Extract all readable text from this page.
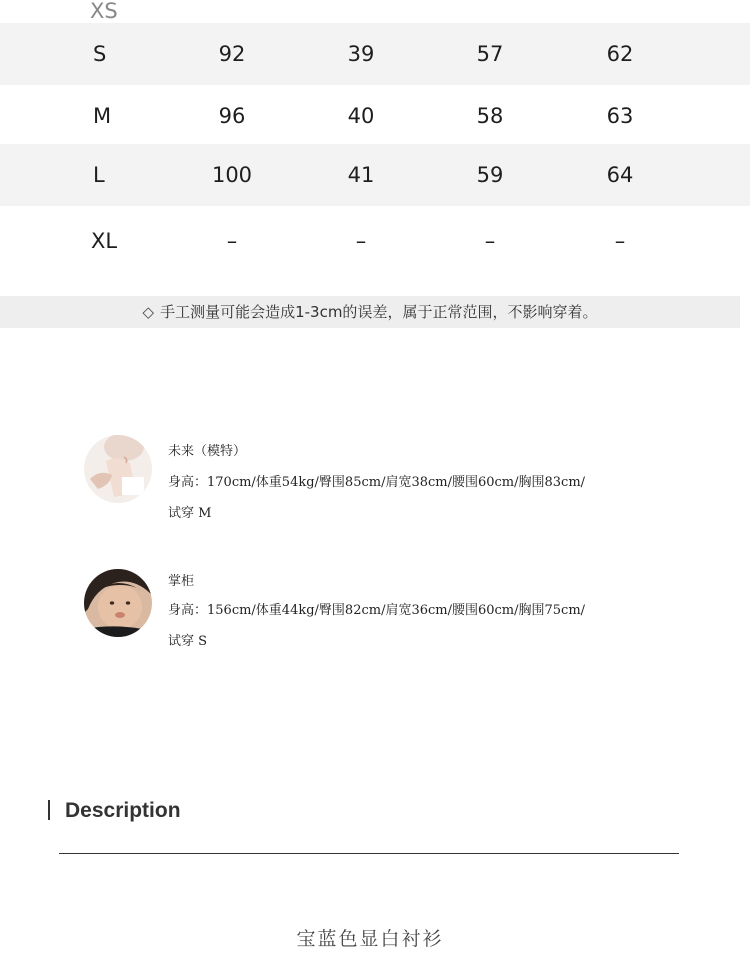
XS
S	92	39	57	62
M	96	40	58	63
L	100	41	59	64
XL	–	–	–	–
◇ 手工测量可能会造成1-3cm的误差，属于正常范围，不影响穿着。
未来（模特）
身高：170cm/体重54kg/臀围85cm/肩宽38cm/腰围60cm/胸围83cm/
试穿 M
掌柜
身高：156cm/体重44kg/臀围82cm/肩宽36cm/腰围60cm/胸围75cm/
试穿 S
Description
宝蓝色显白衬衫
